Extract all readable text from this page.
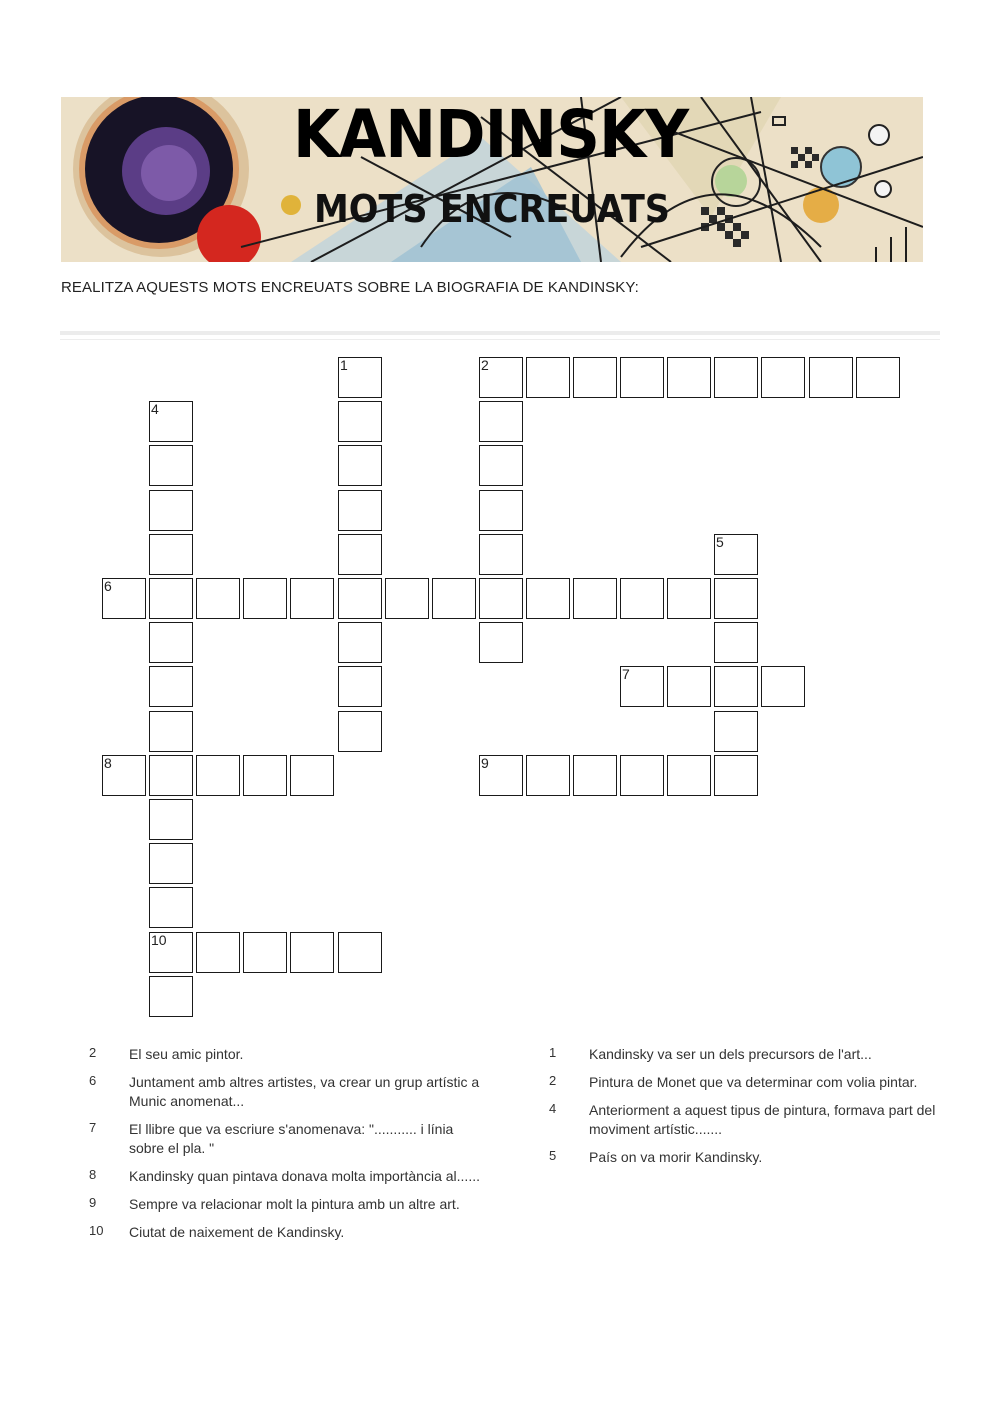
KANDINSKY
MOTS ENCREUATS
REALITZA AQUESTS MOTS ENCREUATS SOBRE LA BIOGRAFIA DE KANDINSKY:
1	2
4
10
5
6
7
8	9
2	El seu amic pintor.
6	Juntament amb altres artistes, va crear un grup artístic a Munic anomenat...
7	El llibre que va escriure s'anomenava: "........... i línia sobre el pla. "
8	Kandinsky quan pintava donava molta importància al......
9	Sempre va relacionar molt la pintura amb un altre art.
10	Ciutat de naixement de Kandinsky.
1	Kandinsky va ser un dels precursors de l'art...
2	Pintura de Monet que va determinar com volia pintar.
4	Anteriorment a aquest tipus de pintura, formava part del moviment artístic.......
5	País on va morir Kandinsky.
